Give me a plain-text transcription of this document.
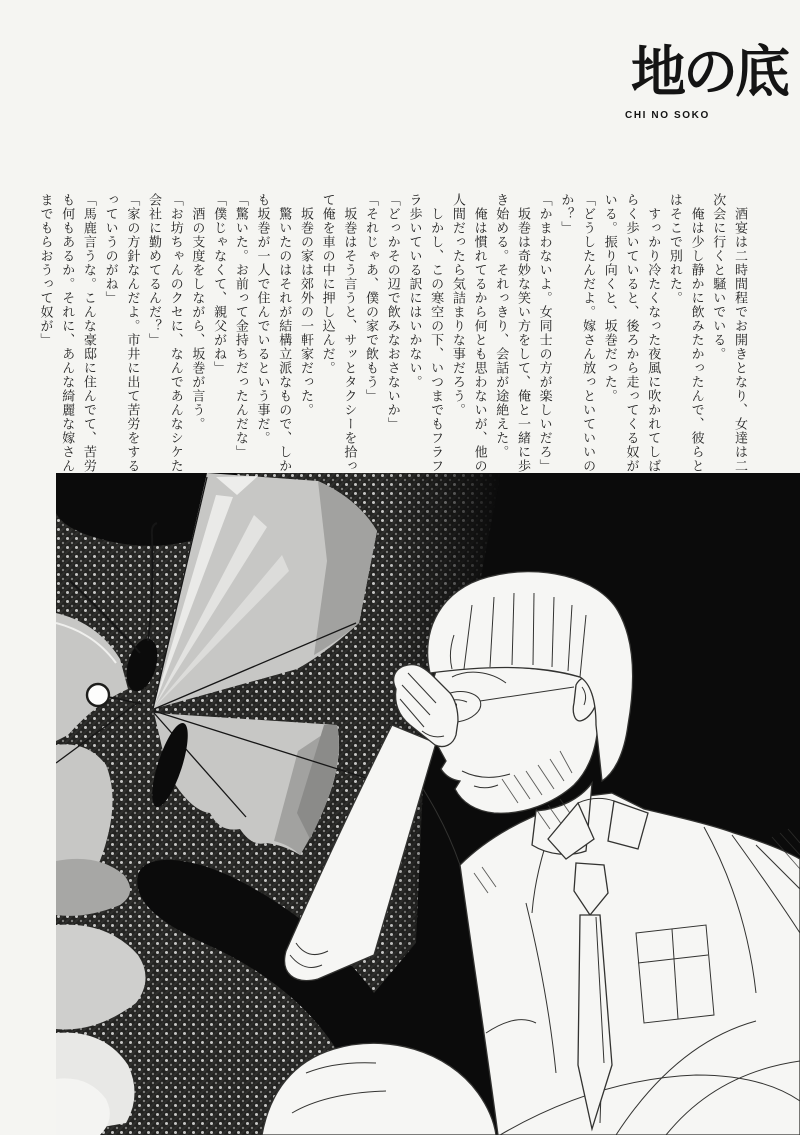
地の底
CHI NO SOKO
　酒宴は二時間程でお開きとなり、女達は二
次会に行くと騒いでいる。
　俺は少し静かに飲みたかったんで、彼らと
はそこで別れた。
　すっかり冷たくなった夜風に吹かれてしば
らく歩いていると、後ろから走ってくる奴が
いる。振り向くと、坂巻だった。
「どうしたんだよ。嫁さん放っといていいの
か？」
「かまわないよ。女同士の方が楽しいだろ」
　坂巻は奇妙な笑い方をして、俺と一緒に歩
き始める。それっきり、会話が途絶えた。
　俺は慣れてるから何とも思わないが、他の
人間だったら気詰まりな事だろう。
　しかし、この寒空の下、いつまでもフラフ
ラ歩いている訳にはいかない。
「どっかその辺で飲みなおさないか」
「それじゃあ、僕の家で飲もう」
　坂巻はそう言うと、サッとタクシーを拾っ
て俺を車の中に押し込んだ。
　坂巻の家は郊外の一軒家だった。
　驚いたのはそれが結構立派なもので、しか
も坂巻が一人で住んでいるという事だ。
「驚いた。お前って金持ちだったんだな」
「僕じゃなくて、親父がね」
　酒の支度をしながら、坂巻が言う。
「お坊ちゃんのクセに、なんであんなシケた
会社に勤めてるんだ？」
「家の方針なんだよ。市井に出て苦労をする
っていうのがね」
「馬鹿言うな。こんな豪邸に住んでて、苦労
も何もあるか。それに、あんな綺麗な嫁さん
までもらおうって奴が」
